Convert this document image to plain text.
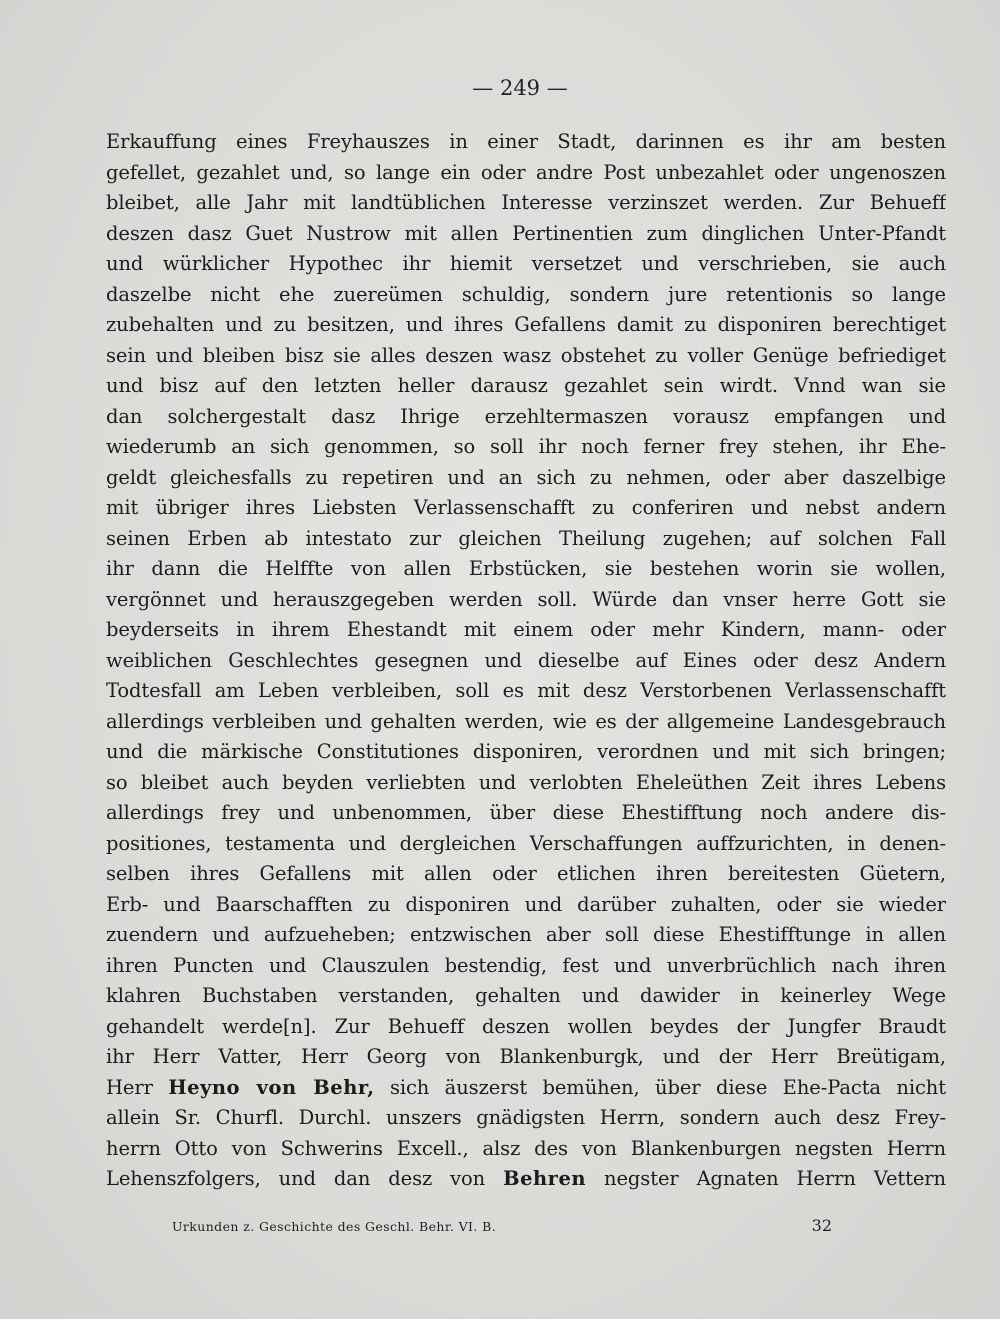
— 249 —
Erkauffung eines Freyhauszes in einer Stadt, darinnen es ihr am besten
gefellet, gezahlet und, so lange ein oder andre Post unbezahlet oder ungenoszen
bleibet, alle Jahr mit landtüblichen Interesse verzinszet werden. Zur Behueff
deszen dasz Guet Nustrow mit allen Pertinentien zum dinglichen Unter-Pfandt
und würklicher Hypothec ihr hiemit versetzet und verschrieben, sie auch
daszelbe nicht ehe zuereümen schuldig, sondern jure retentionis so lange
zubehalten und zu besitzen, und ihres Gefallens damit zu disponiren berechtiget
sein und bleiben bisz sie alles deszen wasz obstehet zu voller Genüge befriediget
und bisz auf den letzten heller darausz gezahlet sein wirdt. Vnnd wan sie
dan solchergestalt dasz Ihrige erzehltermaszen vorausz empfangen und
wiederumb an sich genommen, so soll ihr noch ferner frey stehen, ihr Ehe-
geldt gleichesfalls zu repetiren und an sich zu nehmen, oder aber daszelbige
mit übriger ihres Liebsten Verlassenschafft zu conferiren und nebst andern
seinen Erben ab intestato zur gleichen Theilung zugehen; auf solchen Fall
ihr dann die Helffte von allen Erbstücken, sie bestehen worin sie wollen,
vergönnet und herauszgegeben werden soll. Würde dan vnser herre Gott sie
beyderseits in ihrem Ehestandt mit einem oder mehr Kindern, mann- oder
weiblichen Geschlechtes gesegnen und dieselbe auf Eines oder desz Andern
Todtesfall am Leben verbleiben, soll es mit desz Verstorbenen Verlassenschafft
allerdings verbleiben und gehalten werden, wie es der allgemeine Landesgebrauch
und die märkische Constitutiones disponiren, verordnen und mit sich bringen;
so bleibet auch beyden verliebten und verlobten Eheleüthen Zeit ihres Lebens
allerdings frey und unbenommen, über diese Ehestifftung noch andere dis-
positiones, testamenta und dergleichen Verschaffungen auffzurichten, in denen-
selben ihres Gefallens mit allen oder etlichen ihren bereitesten Güetern,
Erb- und Baarschafften zu disponiren und darüber zuhalten, oder sie wieder
zuendern und aufzueheben; entzwischen aber soll diese Ehestifftunge in allen
ihren Puncten und Clauszulen bestendig, fest und unverbrüchlich nach ihren
klahren Buchstaben verstanden, gehalten und dawider in keinerley Wege
gehandelt werde[n]. Zur Behueff deszen wollen beydes der Jungfer Braudt
ihr Herr Vatter, Herr Georg von Blankenburgk, und der Herr Breütigam,
Herr Heyno von Behr, sich äuszerst bemühen, über diese Ehe-Pacta nicht
allein Sr. Churfl. Durchl. unszers gnädigsten Herrn, sondern auch desz Frey-
herrn Otto von Schwerins Excell., alsz des von Blankenburgen negsten Herrn
Lehenszfolgers, und dan desz von Behren negster Agnaten Herrn Vettern
Urkunden z. Geschichte des Geschl. Behr. VI. B.	32
